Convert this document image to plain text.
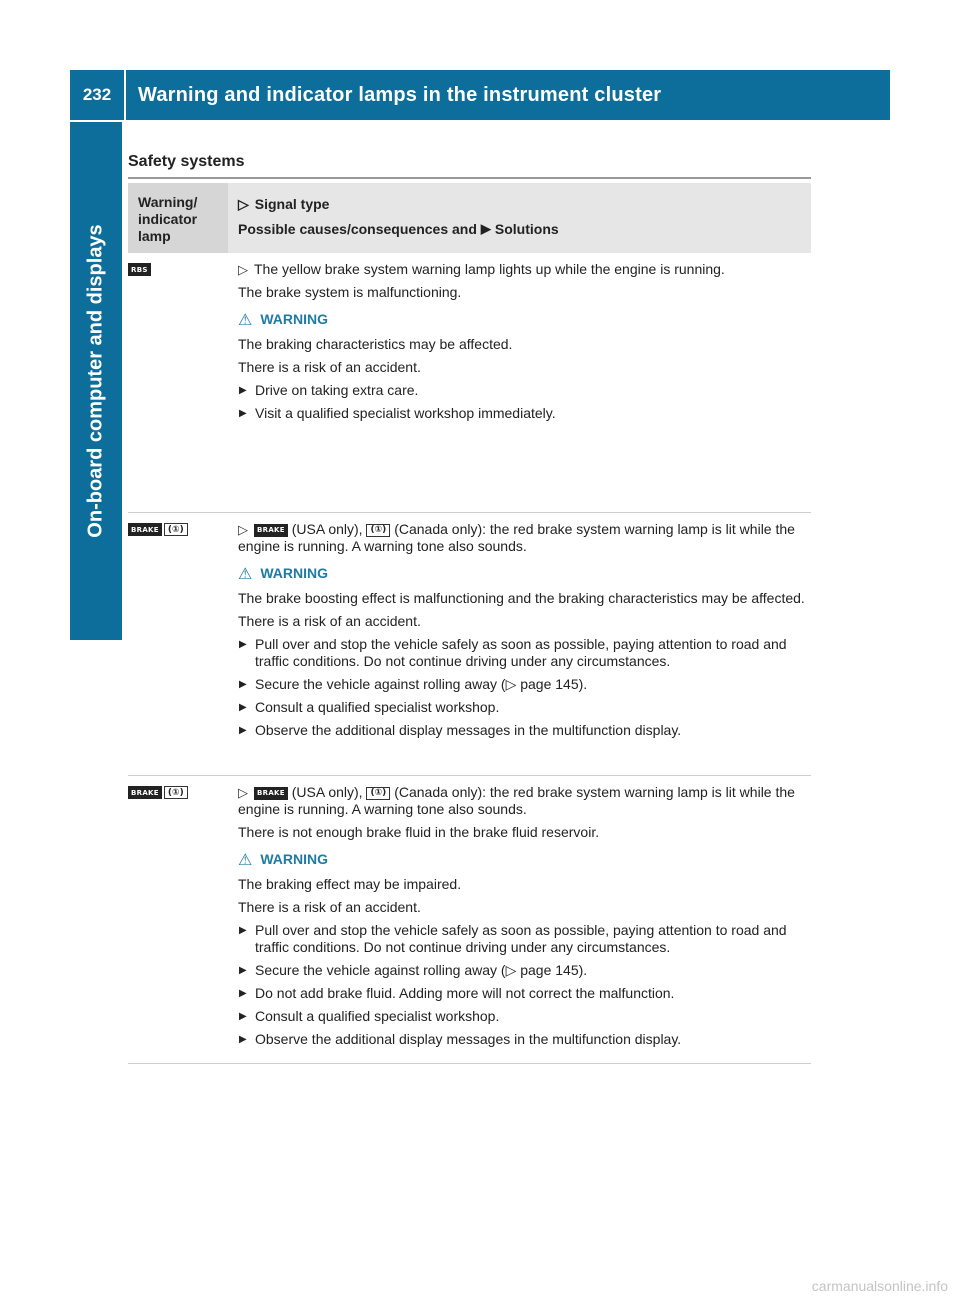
232	Warning and indicator lamps in the instrument cluster
On-board computer and displays
Safety systems
Warning/
indicator
lamp
▷ Signal type
Possible causes/consequences and ▶ Solutions
RBS	▷ The yellow brake system warning lamp lights up while the engine is running.

The brake system is malfunctioning.

⚠ WARNING

The braking characteristics may be affected.

There is a risk of an accident.

▶ Drive on taking extra care.

▶ Visit a qualified specialist workshop immediately.

BRAKE	(①)	▷ BRAKE (USA only), (①) (Canada only): the red brake system warning lamp is lit while the engine is running. A warning tone also sounds.

⚠ WARNING

The brake boosting effect is malfunctioning and the braking characteristics may be affected.

There is a risk of an accident.

▶ Pull over and stop the vehicle safely as soon as possible, paying attention to road and traffic conditions. Do not continue driving under any circumstances.

▶ Secure the vehicle against rolling away (▷ page 145).

▶ Consult a qualified specialist workshop.

▶ Observe the additional display messages in the multifunction display.

BRAKE	(①)	▷ BRAKE (USA only), (①) (Canada only): the red brake system warning lamp is lit while the engine is running. A warning tone also sounds.

There is not enough brake fluid in the brake fluid reservoir.

⚠ WARNING

The braking effect may be impaired.

There is a risk of an accident.

▶ Pull over and stop the vehicle safely as soon as possible, paying attention to road and traffic conditions. Do not continue driving under any circumstances.

▶ Secure the vehicle against rolling away (▷ page 145).

▶ Do not add brake fluid. Adding more will not correct the malfunction.

▶ Consult a qualified specialist workshop.

▶ Observe the additional display messages in the multifunction display.

carmanualsonline.info
